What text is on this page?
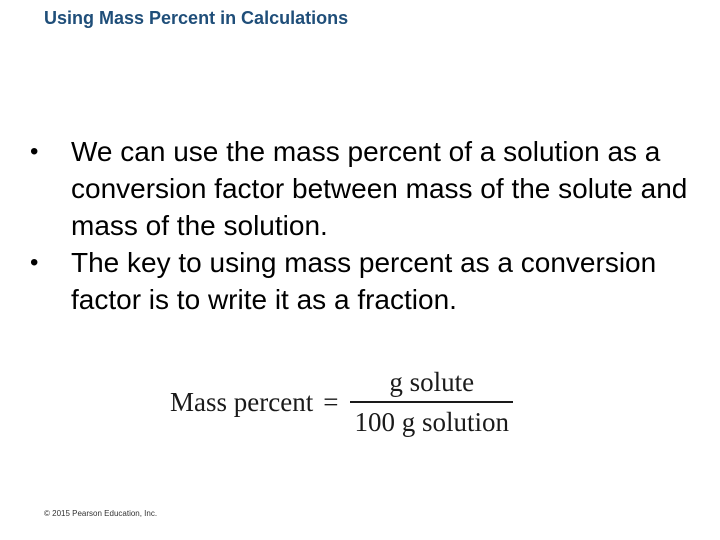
Using Mass Percent in Calculations
• We can use the mass percent of a solution as a conversion factor between mass of the solute and mass of the solution.
• The key to using mass percent as a conversion factor is to write it as a fraction.
Mass percent = $\frac{\text{g solute}}{\text{100 g solution}}$
© 2015 Pearson Education, Inc.
